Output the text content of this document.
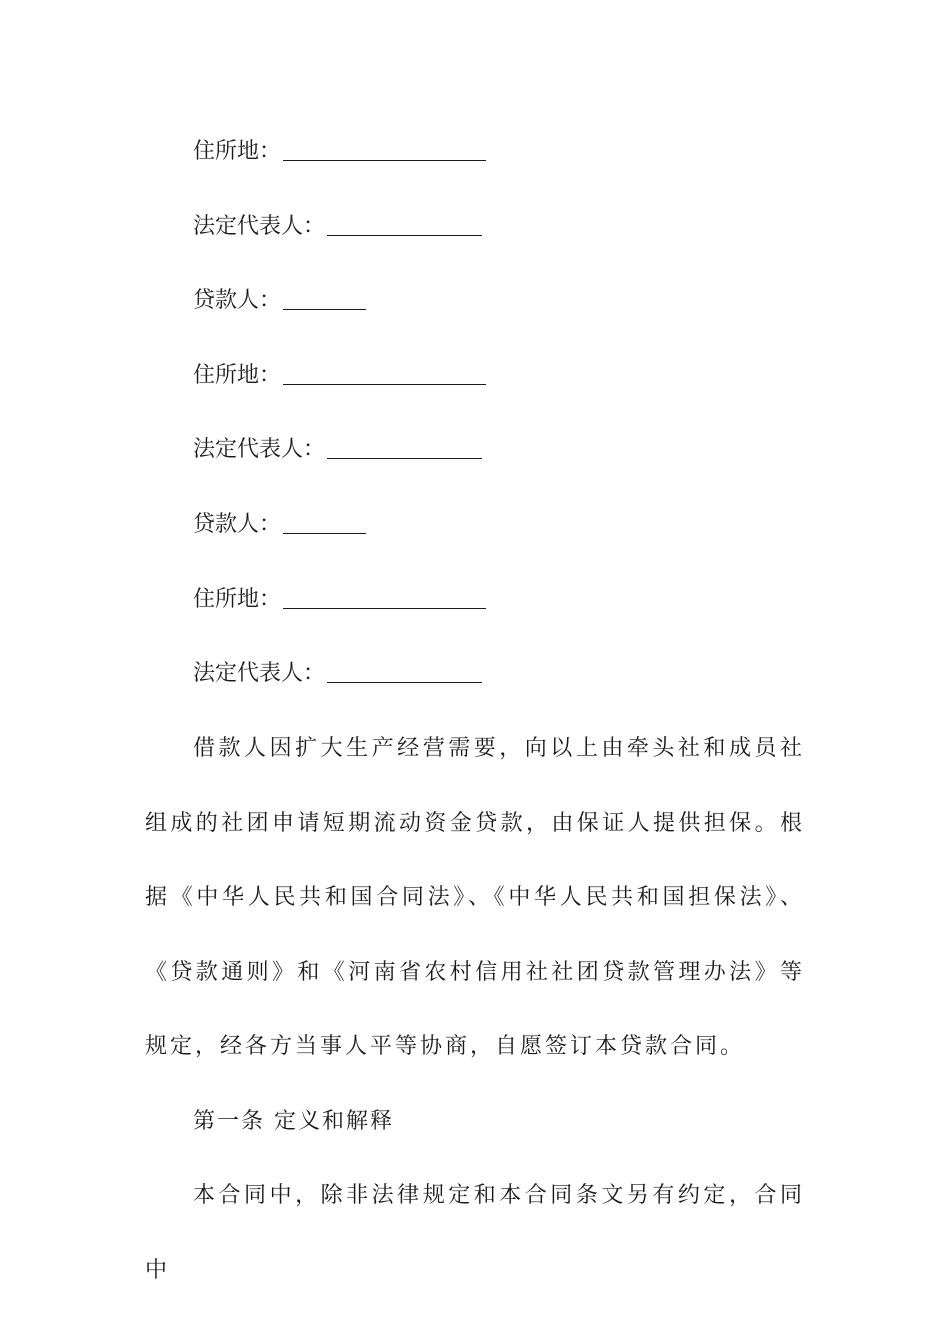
住所地：
法定代表人：
贷款人：
住所地：
法定代表人：
贷款人：
住所地：
法定代表人：

借款人因扩大生产经营需要，向以上由牵头社和成员社组成的社团申请短期流动资金贷款，由保证人提供担保。根据《中华人民共和国合同法》、《中华人民共和国担保法》、《贷款通则》和《河南省农村信用社社团贷款管理办法》等规定，经各方当事人平等协商，自愿签订本贷款合同。

第一条 定义和解释

本合同中，除非法律规定和本合同条文另有约定，合同中
